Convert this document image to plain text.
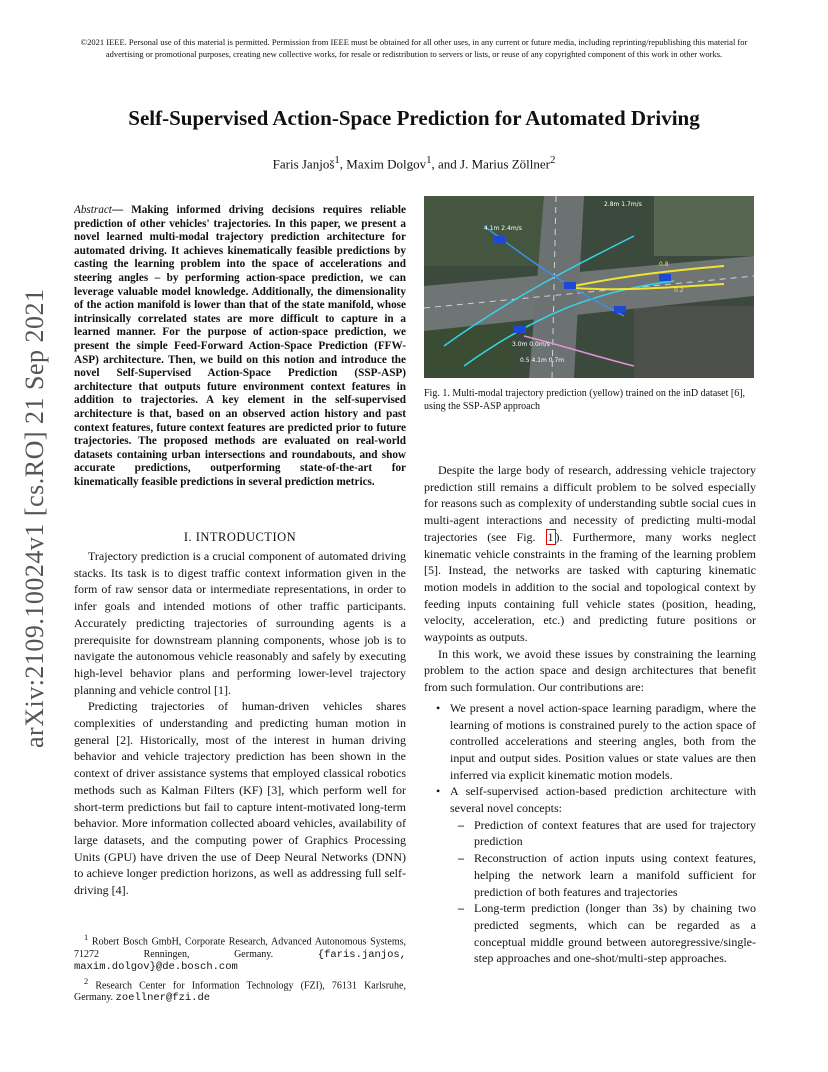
©2021 IEEE. Personal use of this material is permitted. Permission from IEEE must be obtained for all other uses, in any current or future media, including reprinting/republishing this material for advertising or promotional purposes, creating new collective works, for resale or redistribution to servers or lists, or reuse of any copyrighted component of this work in other works.
Self-Supervised Action-Space Prediction for Automated Driving
Faris Janjoš$^1$, Maxim Dolgov$^1$, and J. Marius Zöllner$^2$
arXiv:2109.10024v1 [cs.RO] 21 Sep 2021
Abstract— Making informed driving decisions requires reliable prediction of other vehicles' trajectories. In this paper, we present a novel learned multi-modal trajectory prediction architecture for automated driving. It achieves kinematically feasible predictions by casting the learning problem into the space of accelerations and steering angles – by performing action-space prediction, we can leverage valuable model knowledge. Additionally, the dimensionality of the action manifold is lower than that of the state manifold, whose intrinsically correlated states are more difficult to capture in a learned manner. For the purpose of action-space prediction, we present the simple Feed-Forward Action-Space Prediction (FFW-ASP) architecture. Then, we build on this notion and introduce the novel Self-Supervised Action-Space Prediction (SSP-ASP) architecture that outputs future environment context features in addition to trajectories. A key element in the self-supervised architecture is that, based on an observed action history and past context features, future context features are predicted prior to future trajectories. The proposed methods are evaluated on real-world datasets containing urban intersections and roundabouts, and show accurate predictions, outperforming state-of-the-art for kinematically feasible predictions in several prediction metrics.
I. INTRODUCTION

Trajectory prediction is a crucial component of automated driving stacks. Its task is to digest traffic context information given in the form of raw sensor data or intermediate representations, in order to infer goals and intended motions of other traffic participants. Accurately predicting trajectories of surrounding agents is a prerequisite for downstream planning components, whose job is to navigate the autonomous vehicle reasonably and safely by executing high-level behavior plans and performing lower-level trajectory planning and vehicle control [1].

Predicting trajectories of human-driven vehicles shares complexities of understanding and predicting human motion in general [2]. Historically, most of the interest in human driving behavior and vehicle trajectory prediction has been shown in the context of driver assistance systems that employed classical robotics methods such as Kalman Filters (KF) [3], which perform well for short-term predictions but fail to capture intent-motivated long-term behavior. More information collected aboard vehicles, availability of large datasets, and the computing power of Graphics Processing Units (GPU) have driven the use of Deep Neural Networks (DNN) to achieve longer prediction horizons, as well as addressing full self-driving [4].

$^1$ Robert Bosch GmbH, Corporate Research, Advanced Autonomous Systems, 71272 Renningen, Germany.	{faris.janjos, maxim.dolgov}@de.bosch.com

$^2$ Research Center for Information Technology (FZI), 76131 Karlsruhe, Germany. zoellner@fzi.de

4.1m 2.4m/s
2.8m 1.7m/s
3.0m 0.0m/s
0.8
0.2
0.5 4.1m 0.7m
Fig. 1. Multi-modal trajectory prediction (yellow) trained on the inD dataset [6], using the SSP-ASP approach

Despite the large body of research, addressing vehicle trajectory prediction still remains a difficult problem to be solved especially for reasons such as complexity of understanding subtle social cues in multi-agent interactions and necessity of predicting multi-modal trajectories (see Fig. 1 ). Furthermore, many works neglect kinematic vehicle constraints in the framing of the learning problem [5]. Instead, the networks are tasked with capturing kinematic motion models in addition to the social and topological context by feeding inputs containing full vehicle states (position, heading, velocity, acceleration, etc.) and predicting future positions or waypoints as outputs.

In this work, we avoid these issues by constraining the learning problem to the action space and design architectures that benefit from such formulation. Our contributions are:

• We present a novel action-space learning paradigm, where the learning of motions is constrained purely to the action space of controlled accelerations and steering angles, both from the input and output sides. Position values or state values are then inferred via explicit kinematic motion models.
• A self-supervised action-based prediction architecture with several novel concepts:
– Prediction of context features that are used for trajectory prediction
– Reconstruction of action inputs using context features, helping the network learn a manifold sufficient for prediction of both features and trajectories
– Long-term prediction (longer than 3s) by chaining two predicted segments, which can be regarded as a conceptual middle ground between autoregressive/single-step approaches and one-shot/multi-step approaches.
